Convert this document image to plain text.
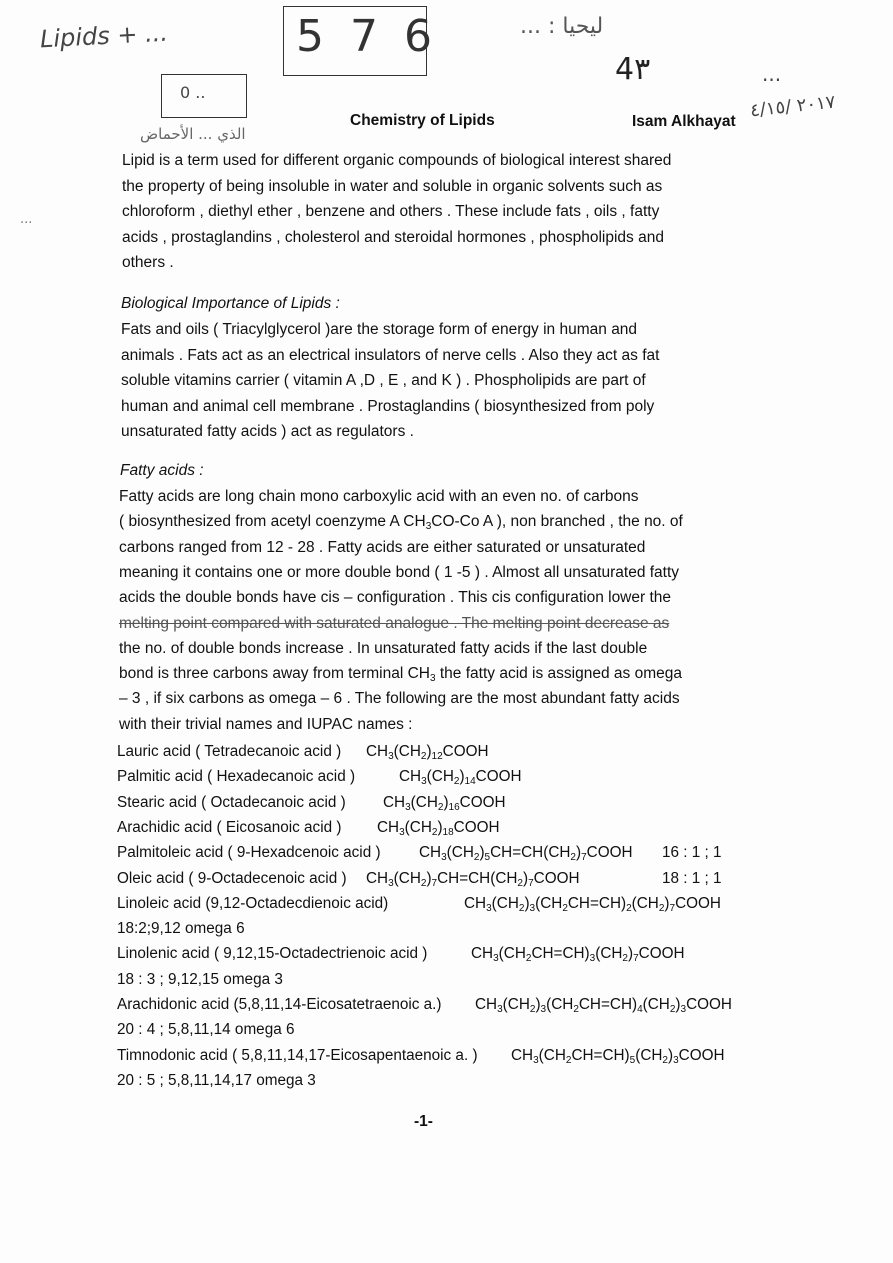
Lipids + ...	5 7 6
0 ..
ليحيا : ...
4٣	...
٢٠١٧ /٤/١٥
الذي ... الأحماض
...
Chemistry of Lipids	Isam Alkhayat
Lipid is a term used for different organic compounds of biological interest shared
the property of being insoluble in water and soluble in organic solvents such as
chloroform , diethyl ether , benzene and others . These include fats , oils , fatty
acids , prostaglandins , cholesterol and steroidal hormones , phospholipids and
others .
Biological Importance of Lipids :
Fats and oils ( Triacylglycerol )are the storage form of energy in human and
animals . Fats act as an electrical insulators of nerve cells . Also they act as fat
soluble vitamins carrier ( vitamin A ,D , E , and K ) . Phospholipids are part of
human and animal cell membrane . Prostaglandins ( biosynthesized from poly
unsaturated fatty acids ) act as regulators .
Fatty acids :
Fatty acids are long chain mono carboxylic acid with an even no. of carbons
( biosynthesized from acetyl coenzyme A $CH_3CO-Co$ A ), non branched , the no. of
carbons ranged from 12 - 28 . Fatty acids are either saturated or unsaturated
meaning it contains one or more double bond ( 1 -5 ) . Almost all unsaturated fatty
acids the double bonds have cis – configuration . This cis configuration lower the
melting point compared with saturated analogue . The melting point decrease as
the no. of double bonds increase . In unsaturated fatty acids if the last double
bond is three carbons away from terminal $CH_3$ the fatty acid is assigned as omega
– 3 , if six carbons as omega – 6 . The following are the most abundant fatty acids
with their trivial names and IUPAC names :
Lauric acid ( Tetradecanoic acid ) $CH_3(CH_2)_{12}COOH$
Palmitic acid ( Hexadecanoic acid )	$CH_3(CH_2)_{14}COOH$
Stearic acid ( Octadecanoic acid ) $CH_3(CH_2)_{16}COOH$
Arachidic acid ( Eicosanoic acid ) $CH_3(CH_2)_{18}COOH$
Palmitoleic acid ( 9-Hexadcenoic acid )	$CH_3(CH_2)_5CH=CH(CH_2)_7COOH$ 16 : 1 ; 1
Oleic acid ( 9-Octadecenoic acid ) $CH_3(CH_2)_7CH=CH(CH_2)_7COOH$	18 : 1 ; 1
Linoleic acid (9,12-Octadecdienoic acid)	$CH_3(CH_2)_3(CH_2CH=CH)_2(CH_2)_7COOH$
18:2;9,12 omega 6
Linolenic acid ( 9,12,15-Octadectrienoic acid )	$CH_3(CH_2CH=CH)_3(CH_2)_7COOH$
18 : 3 ; 9,12,15 omega 3
Arachidonic acid (5,8,11,14-Eicosatetraenoic a.) $CH_3(CH_2)_3(CH_2CH=CH)_4(CH_2)_3COOH$
20 : 4 ; 5,8,11,14 omega 6
Timnodonic acid ( 5,8,11,14,17-Eicosapentaenoic a. ) $CH_3(CH_2CH=CH)_5(CH_2)_3COOH$
20 : 5 ; 5,8,11,14,17 omega 3
-1-
